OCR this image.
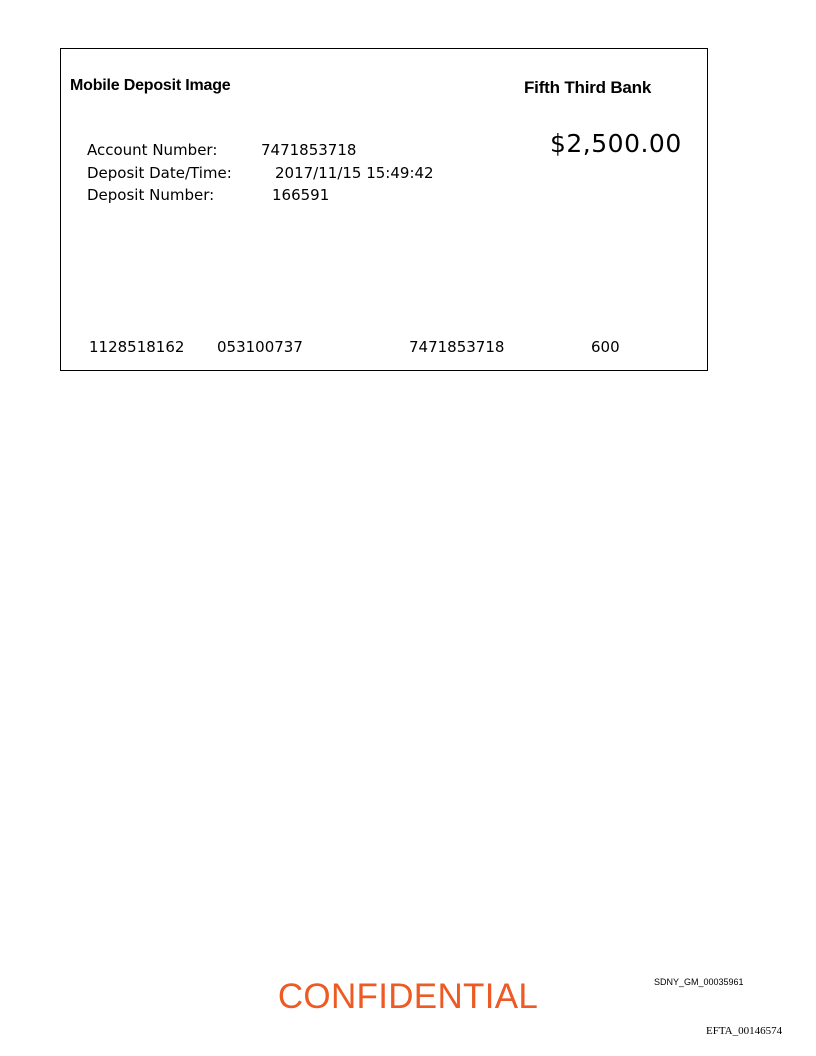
Mobile Deposit Image	Fifth Third Bank
$2,500.00
Account Number:	7471853718
Deposit Date/Time:	2017/11/15 15:49:42
Deposit Number:	166591
1128518162 053100737	7471853718	600
CONFIDENTIAL	SDNY_GM_00035961
EFTA_00146574
